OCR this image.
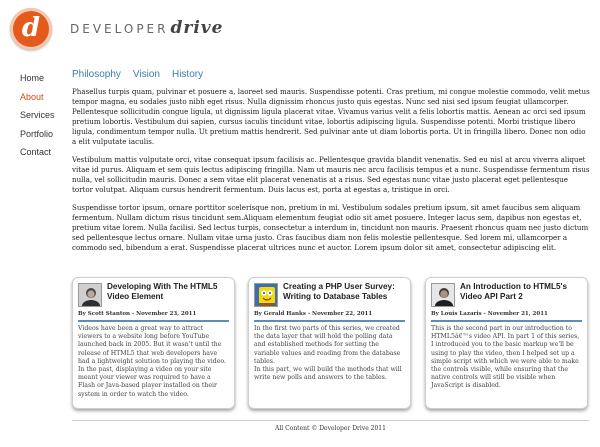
d DEVELOPER drive
Home
About
Services
Portfolio
Contact
Philosophy Vision History

Phasellus turpis quam, pulvinar et posuere a, laoreet sed mauris. Suspendisse potenti. Cras pretium, mi congue molestie commodo, velit metus tempor magna, eu sodales justo nibh eget risus. Nulla dignissim rhoncus justo quis egestas. Nunc sed nisi sed ipsum feugiat ullamcorper. Pellentesque sollicitudin congue ligula, ut dignissim ligula placerat vitae. Vivamus varius velit a felis lobortis mattis. Aenean ac orci sed ipsum pretium lobortis. Vestibulum dui sapien, cursus iaculis tincidunt vitae, lobortis adipiscing ligula. Suspendisse potenti. Morbi tristique libero ligula, condimentum tempor nulla. Ut pretium mattis hendrerit. Sed pulvinar ante ut diam lobortis porta. Ut in fringilla libero. Donec non odio a elit vulputate iaculis.

Vestibulum mattis vulputate orci, vitae consequat ipsum facilisis ac. Pellentesque gravida blandit venenatis. Sed eu nisl at arcu viverra aliquet vitae id purus. Aliquam et sem quis lectus adipiscing fringilla. Nam ut mauris nec arcu facilisis tempus et a nunc. Suspendisse fermentum risus nulla, vel sollicitudin mauris. Donec a sem vitae elit placerat venenatis at a risus. Sed egestas nunc vitae justo placerat eget pellentesque tortor volutpat. Aliquam cursus hendrerit fermentum. Duis lacus est, porta at egestas a, tristique in orci.

Suspendisse tortor ipsum, ornare porttitor scelerisque non, pretium in mi. Vestibulum sodales pretium ipsum, sit amet faucibus sem aliquam fermentum. Nullam dictum risus tincidunt sem.Aliquam elementum feugiat odio sit amet posuere. Integer lacus sem, dapibus non egestas et, pretium vitae lorem. Nulla facilisi. Sed lectus turpis, consectetur a interdum in, tincidunt non mauris. Praesent rhoncus quam nec justo dictum sed pellentesque lectus ornare. Nullam vitae urna justo. Cras faucibus diam non felis molestie pellentesque. Sed lorem mi, ullamcorper a commodo sed, bibendum a erat. Suspendisse placerat ultrices nunc et auctor. Lorem ipsum dolor sit amet, consectetur adipiscing elit.

Developing With The HTML5 Video Element
By Scott Stanton - November 23, 2011
Videos have been a great way to attract viewers to a website long before YouTube launched back in 2005. But it wasn't until the release of HTML5 that web developers have had a lightweight solution to playing the video. In the past, displaying a video on your site meant your viewer was required to have a Flash or Java-based player installed on their system in order to watch the video.
Creating a PHP User Survey: Writing to Database Tables
By Gerald Hanks - November 22, 2011
In the first two parts of this series, we created the data layer that will hold the polling data and established methods for setting the variable values and reading from the database tables.
In this part, we will build the methods that will write new polls and answers to the tables.
An Introduction to HTML5's Video API Part 2
By Louis Lazaris - November 21, 2011
This is the second part in our introduction to HTML5â€™s video API. In part 1 of this series, I introduced you to the basic markup we'll be using to play the video, then I helped set up a simple script with which we were able to make the controls visible, while ensuring that the native controls will still be visible when JavaScript is disabled.
All Content © Developer Drive 2011
